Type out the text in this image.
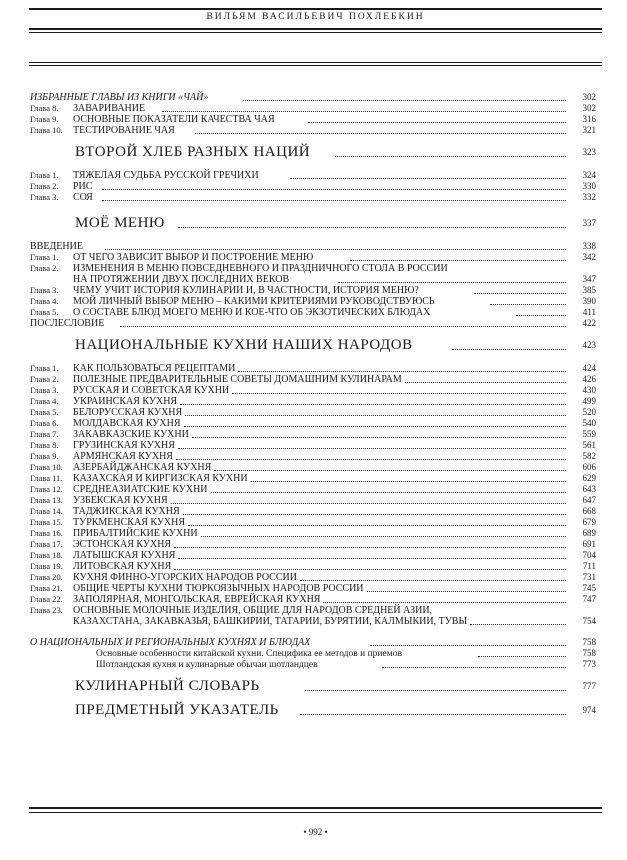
ВИЛЬЯМ ВАСИЛЬЕВИЧ ПОХЛЕБКИН
ИЗБРАННЫЕ ГЛАВЫ ИЗ КНИГИ «ЧАЙ»	302
Глава 8. ЗАВАРИВАНИЕ	302
Глава 9. ОСНОВНЫЕ ПОКАЗАТЕЛИ КАЧЕСТВА ЧАЯ	316
Глава 10. ТЕСТИРОВАНИЕ ЧАЯ	321
ВТОРОЙ ХЛЕБ РАЗНЫХ НАЦИЙ	323
Глава 1. ТЯЖЕЛАЯ СУДЬБА РУССКОЙ ГРЕЧИХИ	324
Глава 2. РИС	330
Глава 3. СОЯ	332
МОЁ МЕНЮ	337
ВВЕДЕНИЕ	338
Глава 1. ОТ ЧЕГО ЗАВИСИТ ВЫБОР И ПОСТРОЕНИЕ МЕНЮ	342
Глава 2. ИЗМЕНЕНИЯ В МЕНЮ ПОВСЕДНЕВНОГО И ПРАЗДНИЧНОГО СТОЛА В РОССИИ
НА ПРОТЯЖЕНИИ ДВУХ ПОСЛЕДНИХ ВЕКОВ	347
Глава 3. ЧЕМУ УЧИТ ИСТОРИЯ КУЛИНАРИИ И, В ЧАСТНОСТИ, ИСТОРИЯ МЕНЮ?	385
Глава 4. МОЙ ЛИЧНЫЙ ВЫБОР МЕНЮ – КАКИМИ КРИТЕРИЯМИ РУКОВОДСТВУЮСЬ	390
Глава 5. О СОСТАВЕ БЛЮД МОЕГО МЕНЮ И КОЕ-ЧТО ОБ ЭКЗОТИЧЕСКИХ БЛЮДАХ	411
ПОСЛЕСЛОВИЕ	422
НАЦИОНАЛЬНЫЕ КУХНИ НАШИХ НАРОДОВ	423
Глава 1. КАК ПОЛЬЗОВАТЬСЯ РЕЦЕПТАМИ	424
Глава 2. ПОЛЕЗНЫЕ ПРЕДВАРИТЕЛЬНЫЕ СОВЕТЫ ДОМАШНИМ КУЛИНАРАМ	426
Глава 3. РУССКАЯ И СОВЕТСКАЯ КУХНИ	430
Глава 4. УКРАИНСКАЯ КУХНЯ	499
Глава 5. БЕЛОРУССКАЯ КУХНЯ	520
Глава 6. МОЛДАВСКАЯ КУХНЯ	540
Глава 7. ЗАКАВКАЗСКИЕ КУХНИ	559
Глава 8. ГРУЗИНСКАЯ КУХНЯ	561
Глава 9. АРМЯНСКАЯ КУХНЯ	582
Глава 10. АЗЕРБАЙДЖАНСКАЯ КУХНЯ	606
Глава 11. КАЗАХСКАЯ И КИРГИЗСКАЯ КУХНИ	629
Глава 12. СРЕДНЕАЗИАТСКИЕ КУХНИ	643
Глава 13. УЗБЕКСКАЯ КУХНЯ	647
Глава 14. ТАДЖИКСКАЯ КУХНЯ	668
Глава 15. ТУРКМЕНСКАЯ КУХНЯ	679
Глава 16. ПРИБАЛТИЙСКИЕ КУХНИ	689
Глава 17. ЭСТОНСКАЯ КУХНЯ	691
Глава 18. ЛАТЫШСКАЯ КУХНЯ	704
Глава 19. ЛИТОВСКАЯ КУХНЯ	711
Глава 20. КУХНЯ ФИННО-УГОРСКИХ НАРОДОВ РОССИИ	731
Глава 21. ОБЩИЕ ЧЕРТЫ КУХНИ ТЮРКОЯЗЫЧНЫХ НАРОДОВ РОССИИ	745
Глава 22. ЗАПОЛЯРНАЯ, МОНГОЛЬСКАЯ, ЕВРЕЙСКАЯ КУХНЯ	747
Глава 23. ОСНОВНЫЕ МОЛОЧНЫЕ ИЗДЕЛИЯ, ОБЩИЕ ДЛЯ НАРОДОВ СРЕДНЕЙ АЗИИ,
КАЗАХСТАНА, ЗАКАВКАЗЬЯ, БАШКИРИИ, ТАТАРИИ, БУРЯТИИ, КАЛМЫКИИ, ТУВЫ	754
О НАЦИОНАЛЬНЫХ И РЕГИОНАЛЬНЫХ КУХНЯХ И БЛЮДАХ	758
Основные особенности китайской кухни. Специфика ее методов и приемов	758
Шотландская кухня и кулинарные обычаи шотландцев	773
КУЛИНАРНЫЙ СЛОВАРЬ	777
ПРЕДМЕТНЫЙ УКАЗАТЕЛЬ	974
• 992 •
